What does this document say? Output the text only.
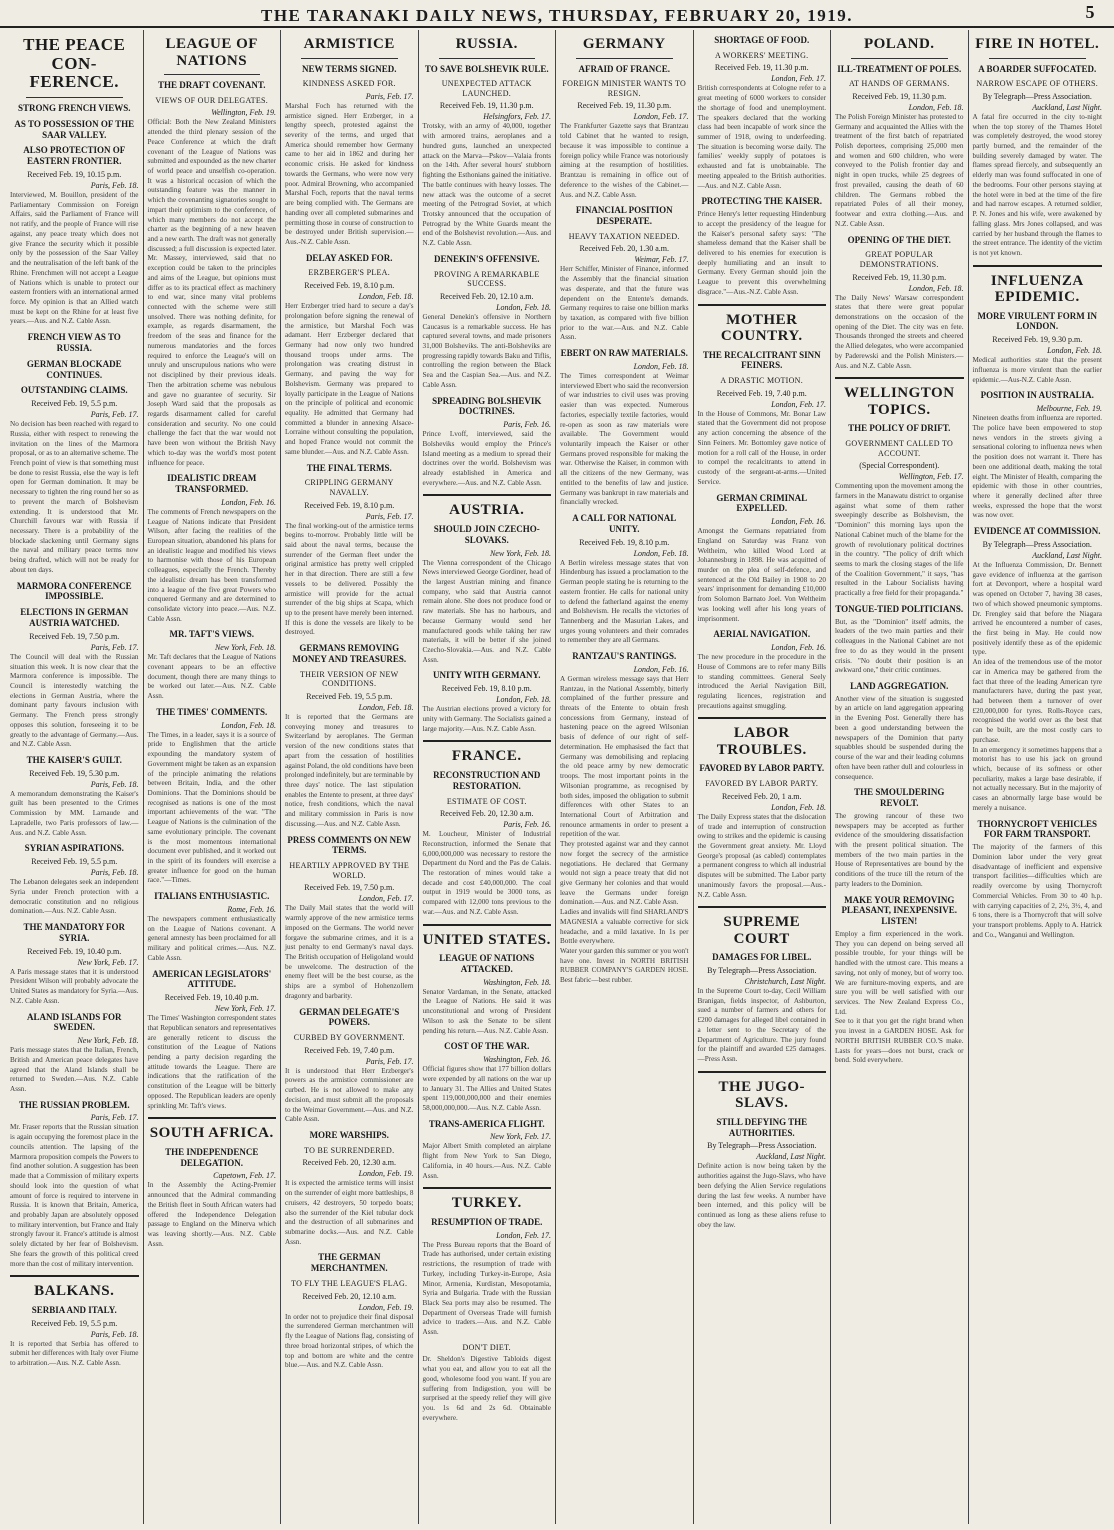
THE TARANAKI DAILY NEWS, THURSDAY, FEBRUARY 20, 1919.	5
THE PEACE CON-FERENCE.
STRONG FRENCH VIEWS.
AS TO POSSESSION OF THE SAAR VALLEY.
ALSO PROTECTION OF EASTERN FRONTIER.
Received Feb. 19, 10.15 p.m.
Paris, Feb. 18.

Interviewed, M. Bouillon, president of the Parliamentary Commission on Foreign Affairs, said the Parliament of France will not ratify, and the people of France will rise against, any peace treaty which does not give France the security which it possible only by the possession of the Saar Valley and the neutralisation of the left bank of the Rhine. Frenchmen will not accept a League of Nations which is unable to protect our eastern frontiers with an international armed force. My opinion is that an Allied watch must be kept on the Rhine for at least five years.—Aus. and N.Z. Cable Assn.

FRENCH VIEW AS TO RUSSIA.
GERMAN BLOCKADE CONTINUES.
OUTSTANDING CLAIMS.
Received Feb. 19, 5.5 p.m.
Paris, Feb. 17.

No decision has been reached with regard to Russia, either with respect to renewing the invitation on the lines of the Marmora proposal, or as to an alternative scheme. The French point of view is that something must be done to resist Russia, else the way is left open for German domination. It may be necessary to tighten the ring round her so as to prevent the march of Bolshevism extending. It is understood that Mr. Churchill favours war with Russia if necessary. There is a probability of the blockade slackening until Germany signs the naval and military peace terms now being drafted, which will not be ready for about ten days.

MARMORA CONFERENCE IMPOSSIBLE.
ELECTIONS IN GERMAN AUSTRIA WATCHED.
Received Feb. 19, 7.50 p.m.
Paris, Feb. 17.

The Council will deal with the Russian situation this week. It is now clear that the Marmora conference is impossible. The Council is interestedly watching the elections in German Austria, where the dominant party favours inclusion with Germany. The French press strongly opposes this solution, foreseeing it to be greatly to the advantage of Germany.—Aus. and N.Z. Cable Assn.

THE KAISER'S GUILT.
Received Feb. 19, 5.30 p.m.
Paris, Feb. 18.

A memorandum demonstrating the Kaiser's guilt has been presented to the Crimes Commission by MM. Larnaude and Lapradelle, two Paris professors of law.—Aus. and N.Z. Cable Assn.

SYRIAN ASPIRATIONS.
Received Feb. 19, 5.5 p.m.
Paris, Feb. 18.

The Lebanon delegates seek an independent Syria under French protection with a democratic constitution and no religious domination.—Aus. N.Z. Cable Assn.

THE MANDATORY FOR SYRIA.
Received Feb. 19, 10.40 p.m.
New York, Feb. 17.

A Paris message states that it is understood President Wilson will probably advocate the United States as mandatory for Syria.—Aus. N.Z. Cable Assn.

ALAND ISLANDS FOR SWEDEN.
New York, Feb. 18.

Paris message states that the Italian, French, British and American peace delegates have agreed that the Aland Islands shall be returned to Sweden.—Aus. N.Z. Cable Assn.

THE RUSSIAN PROBLEM.
Paris, Feb. 17.

Mr. Fraser reports that the Russian situation is again occupying the foremost place in the councils attention. The lapsing of the Marmora proposition compels the Powers to find another solution. A suggestion has been made that a Commission of military experts should look into the question of what amount of force is required to intervene in Russia. It is known that Britain, America, and probably Japan are absolutely opposed to military intervention, but France and Italy strongly favour it. France's attitude is almost solely dictated by her fear of Bolshevism. She fears the growth of this political creed more than the cost of military intervention.

BALKANS.
SERBIA AND ITALY.
Received Feb. 19, 5.5 p.m.
Paris, Feb. 18.

It is reported that Serbia has offered to submit her differences with Italy over Fiume to arbitration.—Aus. N.Z. Cable Assn.

LEAGUE OF NATIONS
THE DRAFT COVENANT.
VIEWS OF OUR DELEGATES.
Wellington, Feb. 19.

Official: Both the New Zealand Ministers attended the third plenary session of the Peace Conference at which the draft covenant of the League of Nations was submitted and expounded as the new charter of world peace and unselfish co-operation. It was a historical occasion of which the outstanding feature was the manner in which the covenanting signatories sought to impart their optimism to the conference, of which many members do not accept the charter as the beginning of a new heaven and a new earth. The draft was not generally discussed; a full discussion is expected later. Mr. Massey, interviewed, said that no exception could be taken to the principles and aims of the League, but opinions must differ as to its practical effect as machinery to end war, since many vital problems connected with the scheme were still unsolved. There was nothing definite, for example, as regards disarmament, the freedom of the seas and finance for the numerous mandatories and the forces required to enforce the League's will on unruly and unscrupulous nations who were not disciplined by their previous ideals. Then the arbitration scheme was nebulous and gave no guarantee of security. Sir Joseph Ward said that the proposals as regards disarmament called for careful consideration and security. No one could challenge the fact that the war would not have been won without the British Navy which to-day was the world's most potent influence for peace.

IDEALISTIC DREAM TRANSFORMED.
London, Feb. 16.

The comments of French newspapers on the League of Nations indicate that President Wilson, after facing the realities of the European situation, abandoned his plans for an idealistic league and modified his views to harmonise with those of his European colleagues, especially the French. Thereby the idealistic dream has been transformed into a league of the five great Powers who conquered Germany and are determined to consolidate victory into peace.—Aus. N.Z. Cable Assn.

MR. TAFT'S VIEWS.
New York, Feb. 18.

Mr. Taft declares that the League of Nations covenant appears to be an effective document, though there are many things to be worked out later.—Aus. N.Z. Cable Assn.

THE TIMES' COMMENTS.
London, Feb. 18.

The Times, in a leader, says it is a source of pride to Englishmen that the article expounding the mandatory system of Government might be taken as an expansion of the principle animating the relations between Britain, India, and the other Dominions. That the Dominions should be recognised as nations is one of the most important achievements of the war. "The League of Nations is the culmination of the same evolutionary principle. The covenant is the most momentous international document ever published, and it worked out in the spirit of its founders will exercise a greater influence for good on the human race."—Times.

ITALIANS ENTHUSIASTIC.
Rome, Feb. 16.

The newspapers comment enthusiastically on the League of Nations covenant. A general amnesty has been proclaimed for all military and political crimes.—Aus. N.Z. Cable Assn.

AMERICAN LEGISLATORS' ATTITUDE.
Received Feb. 19, 10.40 p.m.
New York, Feb. 17.

The Times' Washington correspondent states that Republican senators and representatives are generally reticent to discuss the constitution of the League of Nations pending a party decision regarding the attitude towards the League. There are indications that the ratification of the constitution of the League will be bitterly opposed. The Republican leaders are openly sprinkling Mr. Taft's views.

SOUTH AFRICA.
THE INDEPENDENCE DELEGATION.
Capetown, Feb. 17.

In the Assembly the Acting-Premier announced that the Admiral commanding the British fleet in South African waters had offered the Independence Delegation passage to England on the Minerva which was leaving shortly.—Aus. N.Z. Cable Assn.

ARMISTICE
NEW TERMS SIGNED.
KINDNESS ASKED FOR.
Paris, Feb. 17.

Marshal Foch has returned with the armistice signed. Herr Erzberger, in a lengthy speech, protested against the severity of the terms, and urged that America should remember how Germany came to her aid in 1862 and during her economic crisis. He asked for kindness towards the Germans, who were now very poor. Admiral Browning, who accompanied Marshal Foch, reports that the naval terms are being complied with. The Germans are handing over all completed submarines and permitting those in course of construction to be destroyed under British supervision.—Aus.-N.Z. Cable Assn.

DELAY ASKED FOR.
ERZBERGER'S PLEA.
Received Feb. 19, 8.10 p.m.
London, Feb. 18.

Herr Erzberger tried hard to secure a day's prolongation before signing the renewal of the armistice, but Marshal Foch was adamant. Herr Erzberger declared that Germany had now only two hundred thousand troops under arms. The prolongation was creating distrust in Germany, and paving the way for Bolshevism. Germany was prepared to loyally participate in the League of Nations on the principle of political and economic equality. He admitted that Germany had committed a blunder in annexing Alsace-Lorraine without consulting the population, and hoped France would not commit the same blunder.—Aus. and N.Z. Cable Assn.

THE FINAL TERMS.
CRIPPLING GERMANY NAVALLY.
Received Feb. 19, 8.10 p.m.
Paris, Feb. 17.

The final working-out of the armistice terms begins to-morrow. Probably little will be said about the naval terms, because the surrender of the German fleet under the original armistice has pretty well crippled her in that direction. There are still a few vessels to be delivered. Possibly the armistice will provide for the actual surrender of the big ships at Scapa, which up to the present have merely been interned. If this is done the vessels are likely to be destroyed.

GERMANS REMOVING MONEY AND TREASURES.
THEIR VERSION OF NEW CONDITIONS.
Received Feb. 19, 5.5 p.m.
London, Feb. 18.

It is reported that the Germans are conveying money and treasures to Switzerland by aeroplanes. The German version of the new conditions states that apart from the cessation of hostilities against Poland, the old conditions have been prolonged indefinitely, but are terminable by three days' notice. The last stipulation enables the Entente to present, at three days' notice, fresh conditions, which the naval and military commission in Paris is now discussing.—Aus. and N.Z. Cable Assn.

PRESS COMMENTS ON NEW TERMS.
HEARTILY APPROVED BY THE WORLD.
Received Feb. 19, 7.50 p.m.
London, Feb. 17.

The Daily Mail states that the world will warmly approve of the new armistice terms imposed on the Germans. The world never forgave the submarine crimes, and it is a just penalty to end Germany's naval days. The British occupation of Heligoland would be unwelcome. The destruction of the enemy fleet will be the best course, as the ships are a symbol of Hohenzollern dragonry and barbarity.

GERMAN DELEGATE'S POWERS.
CURBED BY GOVERNMENT.
Received Feb. 19, 7.40 p.m.
Paris, Feb. 17.

It is understood that Herr Erzberger's powers as the armistice commissioner are curbed. He is not allowed to make any decision, and must submit all the proposals to the Weimar Government.—Aus. and N.Z. Cable Assn.

MORE WARSHIPS.
TO BE SURRENDERED.
Received Feb. 20, 12.30 a.m.
London, Feb. 19.

It is expected the armistice terms will insist on the surrender of eight more battleships, 8 cruisers, 42 destroyers, 50 torpedo boats; also the surrender of the Kiel tubular dock and the destruction of all submarines and submarine docks.—Aus. and N.Z. Cable Assn.

THE GERMAN MERCHANTMEN.
TO FLY THE LEAGUE'S FLAG.
Received Feb. 20, 12.10 a.m.
London, Feb. 19.

In order not to prejudice their final disposal the surrendered German merchantmen will fly the League of Nations flag, consisting of three broad horizontal stripes, of which the top and bottom are white and the centre blue.—Aus. and N.Z. Cable Assn.

RUSSIA.
TO SAVE BOLSHEVIK RULE.
UNEXPECTED ATTACK LAUNCHED.
Received Feb. 19, 11.30 p.m.
Helsingfors, Feb. 17.

Trotsky, with an army of 40,000, together with armored trains, aeroplanes and a hundred guns, launched an unexpected attack on the Marva—Pskov—Valaia fronts on the 14th. After several hours' stubborn fighting the Esthonians gained the initiative. The battle continues with heavy losses. The new attack was the outcome of a secret meeting of the Petrograd Soviet, at which Trotsky announced that the occupation of Petrograd by the White Guards meant the end of the Bolshevist revolution.—Aus. and N.Z. Cable Assn.

DENEKIN'S OFFENSIVE.
PROVING A REMARKABLE SUCCESS.
Received Feb. 20, 12.10 a.m.
London, Feb. 18.

General Denekin's offensive in Northern Caucasus is a remarkable success. He has captured several towns, and made prisoners 31,000 Bolsheviks. The anti-Bolsheviks are progressing rapidly towards Baku and Tiflis, controlling the region between the Black Sea and the Caspian Sea.—Aus. and N.Z. Cable Assn.

SPREADING BOLSHEVIK DOCTRINES.
Paris, Feb. 16.

Prince Lvoff, interviewed, said the Bolsheviks would employ the Prince's Island meeting as a medium to spread their doctrines over the world. Bolshevism was already established in America and everywhere.—Aus. and N.Z. Cable Assn.

AUSTRIA.
SHOULD JOIN CZECHO-SLOVAKS.
New York, Feb. 18.

The Vienna correspondent of the Chicago News interviewed George Gordiner, head of the largest Austrian mining and finance company, who said that Austria cannot remain alone. She does not produce food or raw materials. She has no harbours, and because Germany would send her manufactured goods while taking her raw materials, it will be better if she joined Czecho-Slovakia.—Aus. and N.Z. Cable Assn.

UNITY WITH GERMANY.
Received Feb. 19, 8.10 p.m.
London, Feb. 18.

The Austrian elections proved a victory for unity with Germany. The Socialists gained a large majority.—Aus. N.Z. Cable Assn.

FRANCE.
RECONSTRUCTION AND RESTORATION.
ESTIMATE OF COST.
Received Feb. 20, 12.30 a.m.
Paris, Feb. 16.

M. Loucheur, Minister of Industrial Reconstruction, informed the Senate that 6,000,000,000 was necessary to restore the Department du Nord and the Pas de Calais. The restoration of mines would take a decade and cost £40,000,000. The coal output in 1919 would be 3000 tons, as compared with 12,000 tons previous to the war.—Aus. and N.Z. Cable Assn.

UNITED STATES.
LEAGUE OF NATIONS ATTACKED.
Washington, Feb. 18.

Senator Vardaman, in the Senate, attacked the League of Nations. He said it was unconstitutional and wrong of President Wilson to ask the Senate to be silent pending his return.—Aus. N.Z. Cable Assn.

COST OF THE WAR.
Washington, Feb. 16.

Official figures show that 177 billion dollars were expended by all nations on the war up to January 31. The Allies and United States spent 119,000,000,000 and their enemies 58,000,000,000.—Aus. N.Z. Cable Assn.

TRANS-AMERICA FLIGHT.
New York, Feb. 17.

Major Albert Smith completed an airplane flight from New York to San Diego, California, in 40 hours.—Aus. N.Z. Cable Assn.

TURKEY.
RESUMPTION OF TRADE.
London, Feb. 17.

The Press Bureau reports that the Board of Trade has authorised, under certain existing restrictions, the resumption of trade with Turkey, including Turkey-in-Europe, Asia Minor, Armenia, Kurdistan, Mesopotamia, Syria and Bulgaria. Trade with the Russian Black Sea ports may also be resumed. The Department of Overseas Trade will furnish advice to traders.—Aus. and N.Z. Cable Assn.

DON'T DIET.

Dr. Sheldon's Digestive Tabloids digest what you eat, and allow you to eat all the good, wholesome food you want. If you are suffering from Indigestion, you will be surprised at the speedy relief they will give you. 1s 6d and 2s 6d. Obtainable everywhere.

GERMANY
AFRAID OF FRANCE.
FOREIGN MINISTER WANTS TO RESIGN.
Received Feb. 19, 11.30 p.m.
London, Feb. 17.

The Frankfurter Gazette says that Brantzau told Cabinet that he wanted to resign, because it was impossible to continue a foreign policy while France was notoriously aiming at the resumption of hostilities. Brantzau is remaining in office out of deference to the wishes of the Cabinet.—Aus. and N.Z. Cable Assn.

FINANCIAL POSITION DESPERATE.
HEAVY TAXATION NEEDED.
Received Feb. 20, 1.30 a.m.
Weimar, Feb. 17.

Herr Schiffer, Minister of Finance, informed the Assembly that the financial situation was desperate, and that the future was dependent on the Entente's demands. Germany requires to raise one billion marks by taxation, as compared with five billion prior to the war.—Aus. and N.Z. Cable Assn.

EBERT ON RAW MATERIALS.
London, Feb. 18.

The Times correspondent at Weimar interviewed Ebert who said the reconversion of war industries to civil uses was proving easier than was expected. Numerous factories, especially textile factories, would re-open as soon as raw materials were available. The Government would voluntarily impeach the Kaiser or other Germans proved responsible for making the war. Otherwise the Kaiser, in common with all the citizens of the new Germany, was entitled to the benefits of law and justice. Germany was bankrupt in raw materials and financially wrecked.

A CALL FOR NATIONAL UNITY.
Received Feb. 19, 8.10 p.m.
London, Feb. 18.

A Berlin wireless message states that von Hindenburg has issued a proclamation to the German people stating he is returning to the eastern frontier. He calls for national unity to defend the fatherland against the enemy and Bolshevism. He recalls the victories of Tannenberg and the Masurian Lakes, and urges young volunteers and their comrades to remember they are all Germans.

RANTZAU'S RANTINGS.
London, Feb. 16.

A German wireless message says that Herr Rantzau, in the National Assembly, bitterly complained of the further pressure and threats of the Entente to obtain fresh concessions from Germany, instead of hastening peace on the agreed Wilsonian basis of defence of our right of self-determination. He emphasised the fact that Germany was demobilising and replacing the old peace army by new democratic troops. The most important points in the Wilsonian programme, as recognised by both sides, imposed the obligation to submit differences with other States to an International Court of Arbitration and renounce armaments in order to present a repetition of the war.

They protested against war and they cannot now forget the secrecy of the armistice negotiations. He declared that Germany would not sign a peace treaty that did not give Germany her colonies and that would leave the Germans under foreign domination.—Aus. and N.Z. Cable Assn.

Ladies and invalids will find SHARLAND'S MAGNESIA a valuable corrective for sick headache, and a mild laxative. In 1s per Bottle everywhere.

Water your garden this summer or you won't have one. Invest in NORTH BRITISH RUBBER COMPANY'S GARDEN HOSE. Best fabric—best rubber.

SHORTAGE OF FOOD.
A WORKERS' MEETING.
Received Feb. 19, 11.30 p.m.
London, Feb. 17.

British correspondents at Cologne refer to a great meeting of 6000 workers to consider the shortage of food and unemployment. The speakers declared that the working class had been incapable of work since the summer of 1918, owing to underfeeding. The situation is becoming worse daily. The families' weekly supply of potatoes is exhausted and fat is unobtainable. The meeting appealed to the British authorities.—Aus. and N.Z. Cable Assn.

PROTECTING THE KAISER.

Prince Henry's letter requesting Hindenburg to accept the presidency of the league for the Kaiser's personal safety says: "The shameless demand that the Kaiser shall be delivered to his enemies for execution is deeply humiliating and an insult to Germany. Every German should join the League to prevent this overwhelming disgrace."—Aus.-N.Z. Cable Assn.

MOTHER COUNTRY.
THE RECALCITRANT SINN FEINERS.
A DRASTIC MOTION.
Received Feb. 19, 7.40 p.m.
London, Feb. 17.

In the House of Commons, Mr. Bonar Law stated that the Government did not propose any action concerning the absence of the Sinn Feiners. Mr. Bottomley gave notice of motion for a roll call of the House, in order to compel the recalcitrants to attend in custody of the sergeant-at-arms.—United Service.

GERMAN CRIMINAL EXPELLED.
London, Feb. 16.

Amongst the Germans repatriated from England on Saturday was Franz von Weltheim, who killed Wood Lord at Johannesburg in 1898. He was acquitted of murder on the plea of self-defence, and sentenced at the Old Bailey in 1908 to 20 years' imprisonment for demanding £10,000 from Solomon Barnato Joel. Von Weltheim was looking well after his long years of imprisonment.

AERIAL NAVIGATION.
London, Feb. 16.

The new procedure in the procedure in the House of Commons are to refer many Bills to standing committees. General Seely introduced the Aerial Navigation Bill, regulating licences, registration and precautions against smuggling.

LABOR TROUBLES.
FAVORED BY LABOR PARTY.
FAVORED BY LABOR PARTY.
Received Feb. 20, 1 a.m.
London, Feb. 18.

The Daily Express states that the dislocation of trade and interruption of construction owing to strikes and the epidemic is causing the Government great anxiety. Mr. Lloyd George's proposal (as cabled) contemplates a permanent congress to which all industrial disputes will be submitted. The Labor party unanimously favors the proposal.—Aus.-N.Z. Cable Assn.

SUPREME COURT
DAMAGES FOR LIBEL.
By Telegraph—Press Association.
Christchurch, Last Night.

In the Supreme Court to-day, Cecil William Branigan, fields inspector, of Ashburton, sued a number of farmers and others for £200 damages for alleged libel contained in a letter sent to the Secretary of the Department of Agriculture. The jury found for the plaintiff and awarded £25 damages.—Press Assn.

THE JUGO-SLAVS.
STILL DEFYING THE AUTHORITIES.
By Telegraph—Press Association.
Auckland, Last Night.

Definite action is now being taken by the authorities against the Jugo-Slavs, who have been defying the Alien Service regulations during the last few weeks. A number have been interned, and this policy will be continued as long as these aliens refuse to obey the law.

POLAND.
ILL-TREATMENT OF POLES.
AT HANDS OF GERMANS.
Received Feb. 19, 11.30 p.m.
London, Feb. 18.

The Polish Foreign Minister has protested to Germany and acquainted the Allies with the treatment of the first batch of repatriated Polish deportees, comprising 25,000 men and women and 600 children, who were conveyed to the Polish frontier day and night in open trucks, while 25 degrees of frost prevailed, causing the death of 60 children. The Germans robbed the repatriated Poles of all their money, footwear and extra clothing.—Aus. and N.Z. Cable Assn.

OPENING OF THE DIET.
GREAT POPULAR DEMONSTRATIONS.
Received Feb. 19, 11.30 p.m.
London, Feb. 18.

The Daily News' Warsaw correspondent states that there were great popular demonstrations on the occasion of the opening of the Diet. The city was en fete. Thousands thronged the streets and cheered the Allied delegates, who were accompanied by Paderewski and the Polish Ministers.—Aus. and N.Z. Cable Assn.

WELLINGTON TOPICS.
THE POLICY OF DRIFT.
GOVERNMENT CALLED TO ACCOUNT.
(Special Correspondent).
Wellington, Feb. 17.

Commenting upon the movement among the farmers in the Manawatu district to organise against what some of them rather sweepingly describe as Bolshevism, the "Dominion" this morning lays upon the National Cabinet much of the blame for the growth of revolutionary political doctrines in the country. "The policy of drift which seems to mark the closing stages of the life of the Coalition Government," it says, "has resulted in the Labour Socialists having practically a free field for their propaganda."

TONGUE-TIED POLITICIANS.

But, as the "Dominion" itself admits, the leaders of the two main parties and their colleagues in the National Cabinet are not free to do as they would in the present crisis. "No doubt their position is an awkward one," their critic continues.

LAND AGGREGATION.

Another view of the situation is suggested by an article on land aggregation appearing in the Evening Post. Generally there has been a good understanding between the newspapers of the Dominion that party squabbles should be suspended during the course of the war and their leading columns often have been rather dull and colourless in consequence.

THE SMOULDERING REVOLT.

The growing rancour of these two newspapers may be accepted as further evidence of the smouldering dissatisfaction with the present political situation. The members of the two main parties in the House of Representatives are bound by the conditions of the truce till the return of the party leaders to the Dominion.

MAKE YOUR REMOVING PLEASANT, INEXPENSIVE. LISTEN!

Employ a firm experienced in the work. They you can depend on being served all possible trouble, for your things will be handled with the utmost care. This means a saving, not only of money, but of worry too. We are furniture-moving experts, and are sure you will be well satisfied with our services. The New Zealand Express Co., Ltd.

See to it that you get the right brand when you invest in a GARDEN HOSE. Ask for NORTH BRITISH RUBBER CO.'S make. Lasts for years—does not burst, crack or bend. Sold everywhere.

FIRE IN HOTEL.
A BOARDER SUFFOCATED.
NARROW ESCAPE OF OTHERS.
By Telegraph—Press Association.
Auckland, Last Night.

A fatal fire occurred in the city to-night when the top storey of the Thames Hotel was completely destroyed, the wood storey partly burned, and the remainder of the building severely damaged by water. The flames spread fiercely, and subsequently an elderly man was found suffocated in one of the bedrooms. Four other persons staying at the hotel were in bed at the time of the fire and had narrow escapes. A returned soldier, P. N. Jones and his wife, were awakened by falling glass. Mrs Jones collapsed, and was carried by her husband through the flames to the street entrance. The identity of the victim is not yet known.

INFLUENZA EPIDEMIC.
MORE VIRULENT FORM IN LONDON.
Received Feb. 19, 9.30 p.m.
London, Feb. 18.

Medical authorities state that the present influenza is more virulent than the earlier epidemic.—Aus-N.Z. Cable Assn.

POSITION IN AUSTRALIA.
Melbourne, Feb. 19.

Nineteen deaths from influenza are reported. The police have been empowered to stop news vendors in the streets giving a sensational coloring to influenza news when the position does not warrant it. There has been one additional death, making the total eight. The Minister of Health, comparing the epidemic with those in other countries, where it generally declined after three weeks, expressed the hope that the worst was now over.

EVIDENCE AT COMMISSION.
By Telegraph—Press Association.
Auckland, Last Night.

At the Influenza Commission, Dr. Bennett gave evidence of influenza at the garrison fort at Devonport, where a hospital ward was opened on October 7, having 38 cases, two of which showed pneumonic symptoms. Dr. Frengley said that before the Niagara arrived he encountered a number of cases, the first being in May. He could now positively identify these as of the epidemic type.

An idea of the tremendous use of the motor car in America may be gathered from the fact that three of the leading American tyre manufacturers have, during the past year, had between them a turnover of over £20,000,000 for tyres. Rolls-Royce cars, recognised the world over as the best that can be built, are the most costly cars to purchase.

In an emergency it sometimes happens that a motorist has to use his jack on ground which, because of its softness or other peculiarity, makes a large base desirable, if not actually necessary. But in the majority of cases an abnormally large base would be merely a nuisance.

THORNYCROFT VEHICLES FOR FARM TRANSPORT.

The majority of the farmers of this Dominion labor under the very great disadvantage of inefficient and expensive transport facilities—difficulties which are readily overcome by using Thornycroft Commercial Vehicles. From 30 to 40 h.p. with carrying capacities of 2, 2½, 3½, 4, and 6 tons, there is a Thornycroft that will solve your transport problems. Apply to A. Hatrick and Co., Wanganui and Wellington.
